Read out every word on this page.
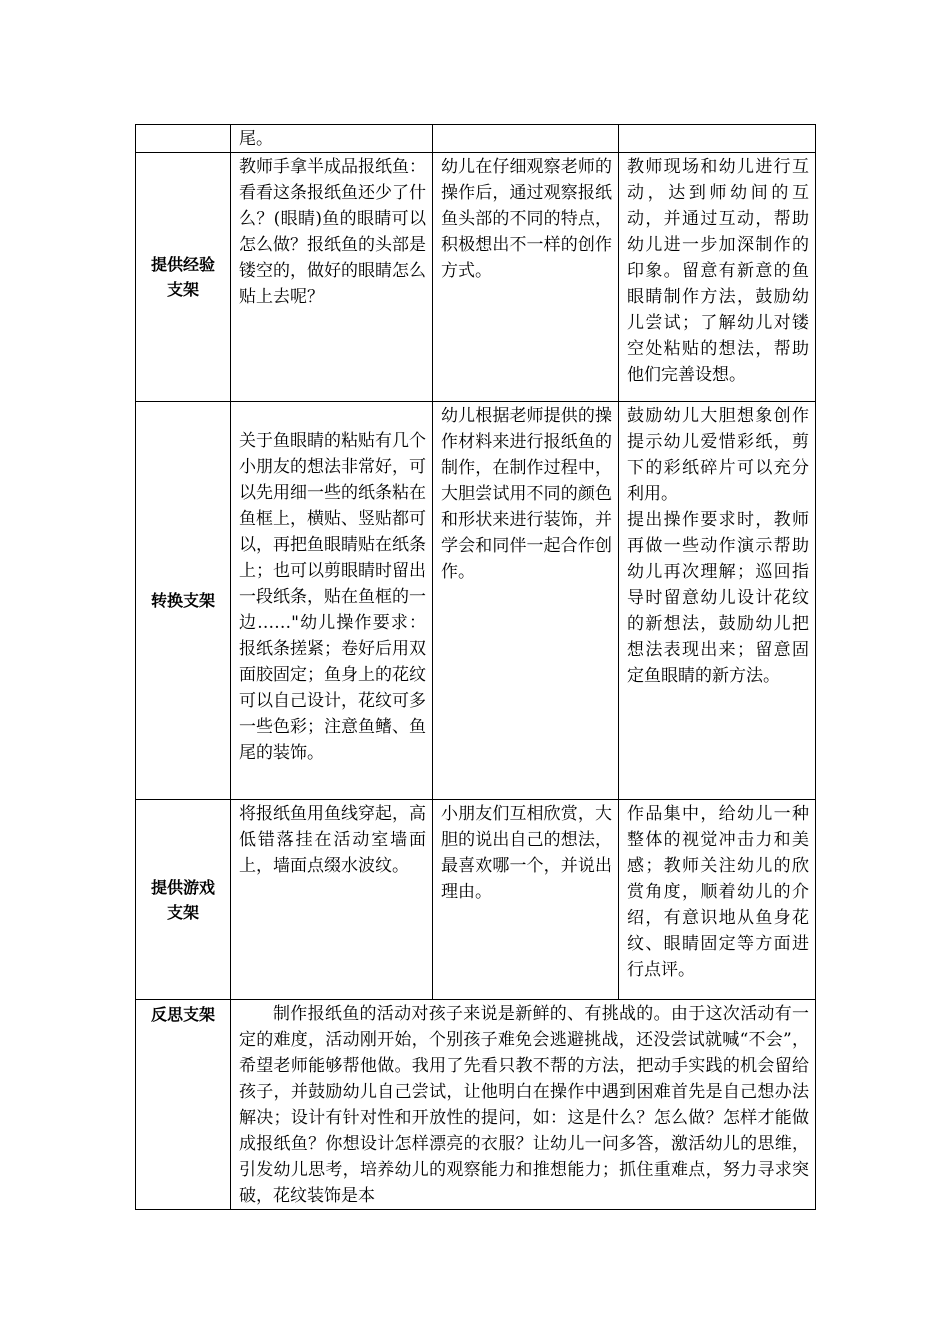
	尾。		
提供经验
支架	教师手拿半成品报纸鱼：看看这条报纸鱼还少了什么？(眼睛)鱼的眼睛可以怎么做？报纸鱼的头部是镂空的，做好的眼睛怎么贴上去呢？	幼儿在仔细观察老师的操作后，通过观察报纸鱼头部的不同的特点，积极想出不一样的创作方式。	教师现场和幼儿进行互动，达到师幼间的互动，并通过互动，帮助幼儿进一步加深制作的印象。留意有新意的鱼眼睛制作方法，鼓励幼儿尝试；了解幼儿对镂空处粘贴的想法，帮助他们完善设想。
转换支架	关于鱼眼睛的粘贴有几个小朋友的想法非常好，可以先用细一些的纸条粘在鱼框上，横贴、竖贴都可以，再把鱼眼睛贴在纸条上；也可以剪眼睛时留出一段纸条，贴在鱼框的一边……"幼儿操作要求：报纸条搓紧；卷好后用双面胶固定；鱼身上的花纹可以自己设计，花纹可多一些色彩；注意鱼鳍、鱼尾的装饰。	幼儿根据老师提供的操作材料来进行报纸鱼的制作，在制作过程中，大胆尝试用不同的颜色和形状来进行装饰，并学会和同伴一起合作创作。	鼓励幼儿大胆想象创作提示幼儿爱惜彩纸，剪下的彩纸碎片可以充分利用。
提出操作要求时，教师再做一些动作演示帮助幼儿再次理解；巡回指导时留意幼儿设计花纹的新想法，鼓励幼儿把想法表现出来；留意固定鱼眼睛的新方法。
提供游戏
支架	将报纸鱼用鱼线穿起，高低错落挂在活动室墙面上，墙面点缀水波纹。	小朋友们互相欣赏，大胆的说出自己的想法，最喜欢哪一个，并说出理由。	作品集中，给幼儿一种整体的视觉冲击力和美感；教师关注幼儿的欣赏角度，顺着幼儿的介绍，有意识地从鱼身花纹、眼睛固定等方面进行点评。
反思支架	制作报纸鱼的活动对孩子来说是新鲜的、有挑战的。由于这次活动有一定的难度，活动刚开始，个别孩子难免会逃避挑战，还没尝试就喊“不会”，希望老师能够帮他做。我用了先看只教不帮的方法，把动手实践的机会留给孩子，并鼓励幼儿自己尝试，让他明白在操作中遇到困难首先是自己想办法解决；设计有针对性和开放性的提问，如：这是什么？怎么做？怎样才能做成报纸鱼？你想设计怎样漂亮的衣服？让幼儿一问多答，激活幼儿的思维，引发幼儿思考，培养幼儿的观察能力和推想能力；抓住重难点，努力寻求突破，花纹装饰是本		
